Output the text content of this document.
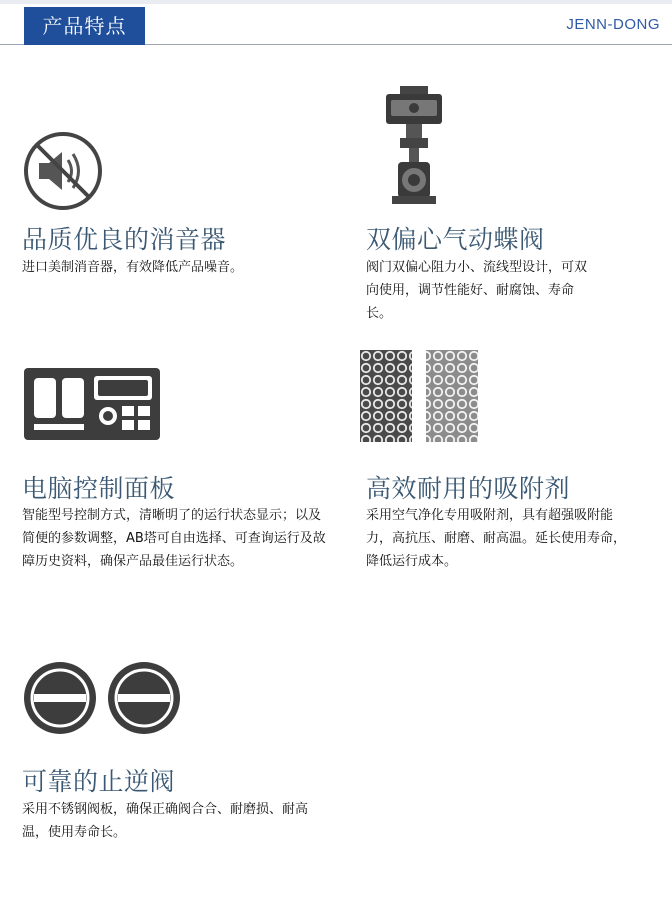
产品特点	JENN-DONG
品质优良的消音器
进口美制消音器，有效降低产品噪音。
双偏心气动蝶阀
阀门双偏心阻力小、流线型设计，可双向使用，调节性能好、耐腐蚀、寿命长。
电脑控制面板
智能型号控制方式，清晰明了的运行状态显示；以及简便的参数调整，AB塔可自由选择、可查询运行及故障历史资料，确保产品最佳运行状态。
高效耐用的吸附剂
采用空气净化专用吸附剂，具有超强吸附能力，高抗压、耐磨、耐高温。延长使用寿命，降低运行成本。
可靠的止逆阀
采用不锈钢阀板，确保正确阀合合、耐磨损、耐高温，使用寿命长。
